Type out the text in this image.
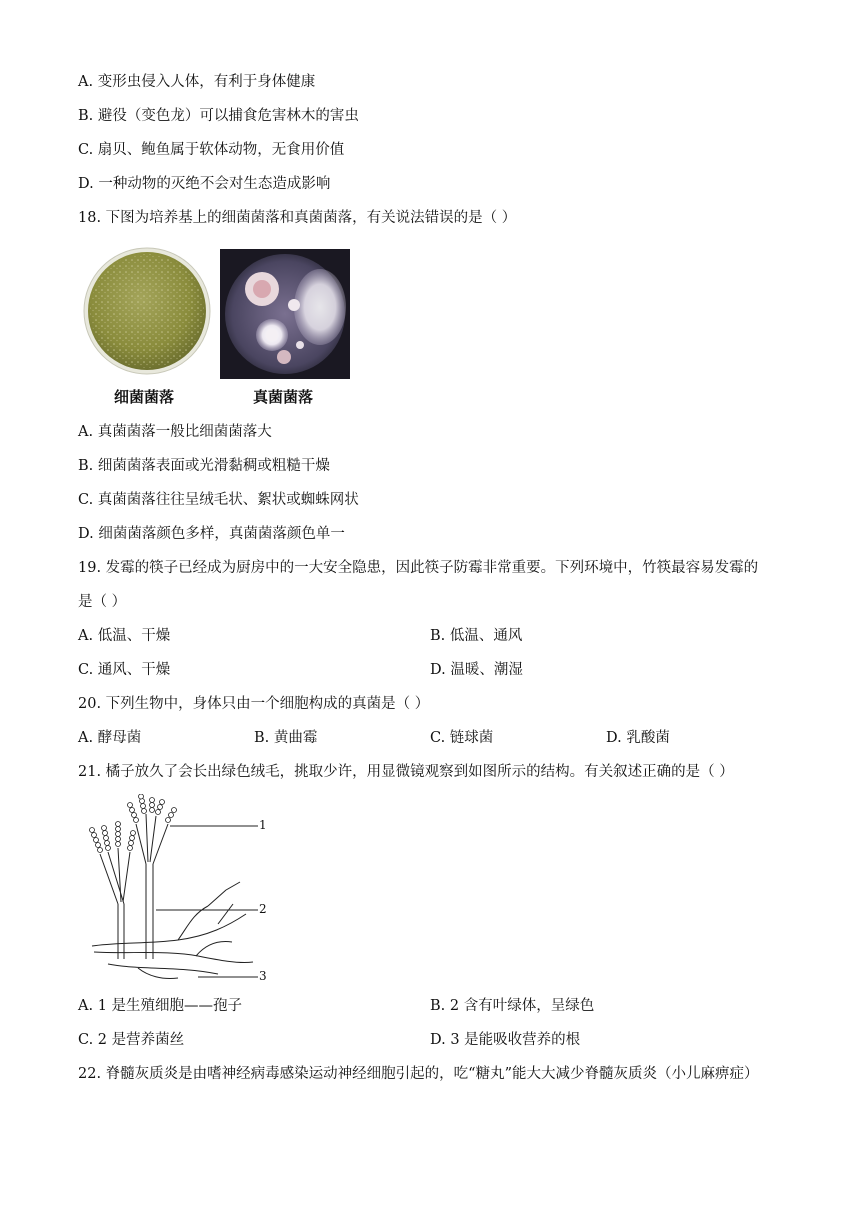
A. 变形虫侵入人体，有利于身体健康
B. 避役（变色龙）可以捕食危害林木的害虫
C. 扇贝、鲍鱼属于软体动物，无食用价值
D. 一种动物的灭绝不会对生态造成影响
18. 下图为培养基上的细菌菌落和真菌菌落，有关说法错误的是（ ）
细菌菌落	真菌菌落
A. 真菌菌落一般比细菌菌落大
B. 细菌菌落表面或光滑黏稠或粗糙干燥
C. 真菌菌落往往呈绒毛状、絮状或蜘蛛网状
D. 细菌菌落颜色多样，真菌菌落颜色单一
19. 发霉的筷子已经成为厨房中的一大安全隐患，因此筷子防霉非常重要。下列环境中，竹筷最容易发霉的
是（ ）
A. 低温、干燥	B. 低温、通风
C. 通风、干燥	D. 温暖、潮湿
20. 下列生物中，身体只由一个细胞构成的真菌是（ ）
A. 酵母菌	B. 黄曲霉	C. 链球菌	D. 乳酸菌
21. 橘子放久了会长出绿色绒毛，挑取少许，用显微镜观察到如图所示的结构。有关叙述正确的是（ ）
1
2
3
A. 1 是生殖细胞——孢子	B. 2 含有叶绿体，呈绿色
C. 2 是营养菌丝	D. 3 是能吸收营养的根
22. 脊髓灰质炎是由嗜神经病毒感染运动神经细胞引起的，吃“糖丸”能大大减少脊髓灰质炎（小儿麻痹症）
